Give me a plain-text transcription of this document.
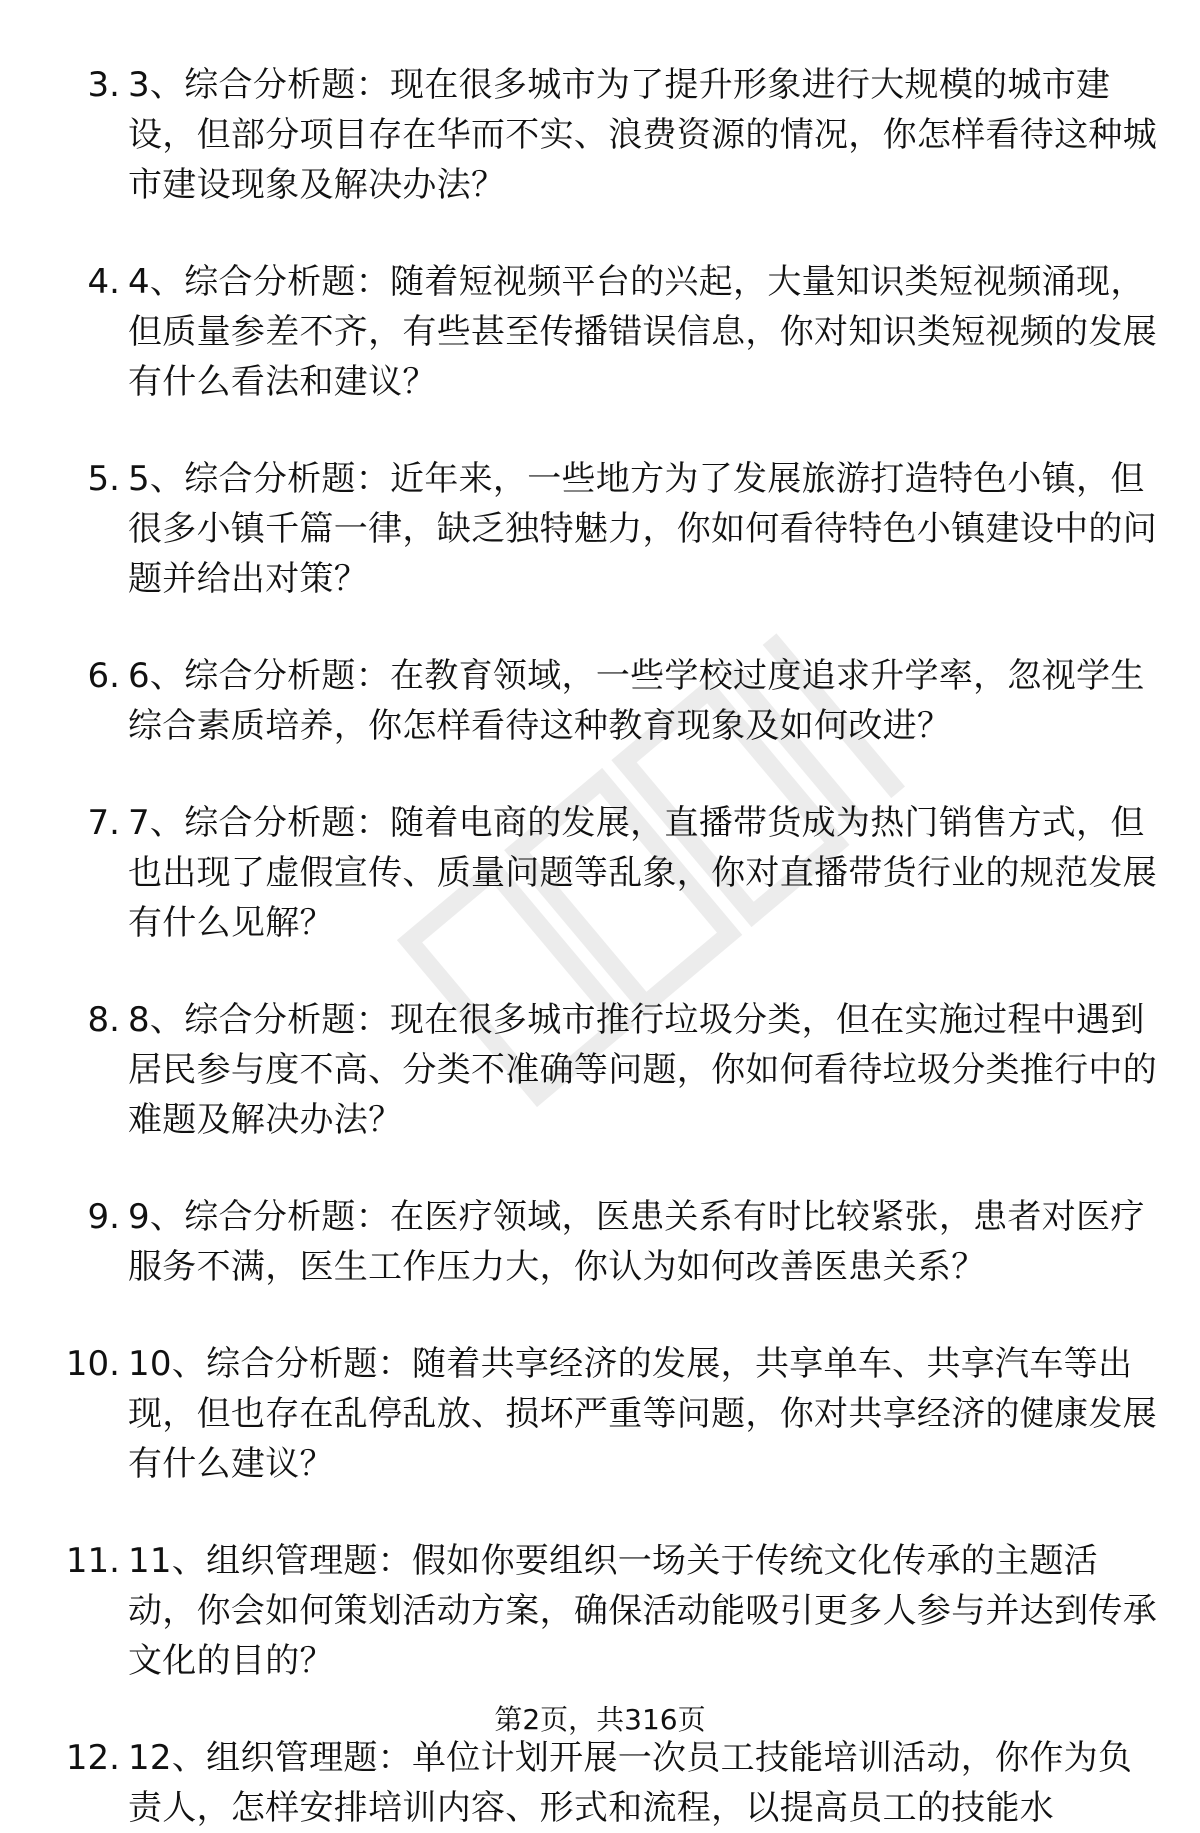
3. 3、综合分析题：现在很多城市为了提升形象进行大规模的城市建设，但部分项目存在华而不实、浪费资源的情况，你怎样看待这种城市建设现象及解决办法？
4. 4、综合分析题：随着短视频平台的兴起，大量知识类短视频涌现，但质量参差不齐，有些甚至传播错误信息，你对知识类短视频的发展有什么看法和建议？
5. 5、综合分析题：近年来，一些地方为了发展旅游打造特色小镇，但很多小镇千篇一律，缺乏独特魅力，你如何看待特色小镇建设中的问题并给出对策？
6. 6、综合分析题：在教育领域，一些学校过度追求升学率，忽视学生综合素质培养，你怎样看待这种教育现象及如何改进？
7. 7、综合分析题：随着电商的发展，直播带货成为热门销售方式，但也出现了虚假宣传、质量问题等乱象，你对直播带货行业的规范发展有什么见解？
8. 8、综合分析题：现在很多城市推行垃圾分类，但在实施过程中遇到居民参与度不高、分类不准确等问题，你如何看待垃圾分类推行中的难题及解决办法？
9. 9、综合分析题：在医疗领域，医患关系有时比较紧张，患者对医疗服务不满，医生工作压力大，你认为如何改善医患关系？
10. 10、综合分析题：随着共享经济的发展，共享单车、共享汽车等出现，但也存在乱停乱放、损坏严重等问题，你对共享经济的健康发展有什么建议？
11. 11、组织管理题：假如你要组织一场关于传统文化传承的主题活动，你会如何策划活动方案，确保活动能吸引更多人参与并达到传承文化的目的？
12. 12、组织管理题：单位计划开展一次员工技能培训活动，你作为负责人，怎样安排培训内容、形式和流程，以提高员工的技能水
第2页，共316页
